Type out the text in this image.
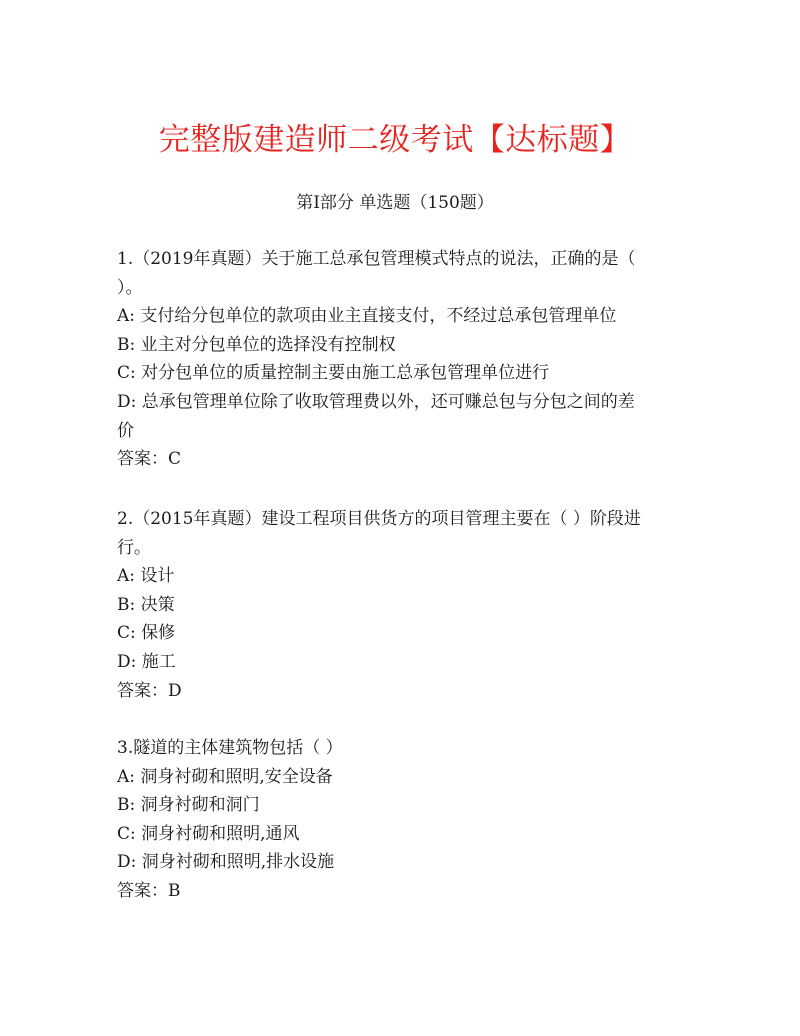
完整版建造师二级考试【达标题】
第Ⅰ部分 单选题（150题）
1.（2019年真题）关于施工总承包管理模式特点的说法，正确的是（
）。
A: 支付给分包单位的款项由业主直接支付，不经过总承包管理单位
B: 业主对分包单位的选择没有控制权
C: 对分包单位的质量控制主要由施工总承包管理单位进行
D: 总承包管理单位除了收取管理费以外，还可赚总包与分包之间的差
价
答案：C
2.（2015年真题）建设工程项目供货方的项目管理主要在（ ）阶段进
行。
A: 设计
B: 决策
C: 保修
D: 施工
答案：D
3.隧道的主体建筑物包括（ ）
A: 洞身衬砌和照明,安全设备
B: 洞身衬砌和洞门
C: 洞身衬砌和照明,通风
D: 洞身衬砌和照明,排水设施
答案：B
